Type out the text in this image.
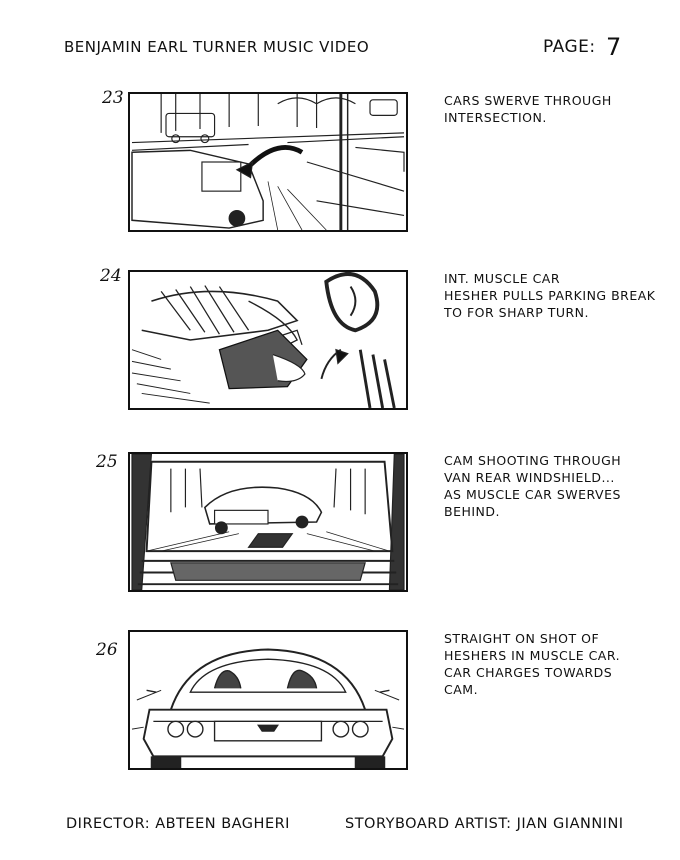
BENJAMIN EARL TURNER MUSIC VIDEO	PAGE: 7
23	CARS SWERVE THROUGH
INTERSECTION.
24	INT. MUSCLE CAR
HESHER PULLS PARKING BREAK
TO FOR SHARP TURN.
25	CAM SHOOTING THROUGH
VAN REAR WINDSHIELD...
AS MUSCLE CAR SWERVES
BEHIND.
26
STRAIGHT ON SHOT OF
HESHERS IN MUSCLE CAR.
CAR CHARGES TOWARDS
CAM.
DIRECTOR: ABTEEN BAGHERI	STORYBOARD ARTIST: JIAN GIANNINI
